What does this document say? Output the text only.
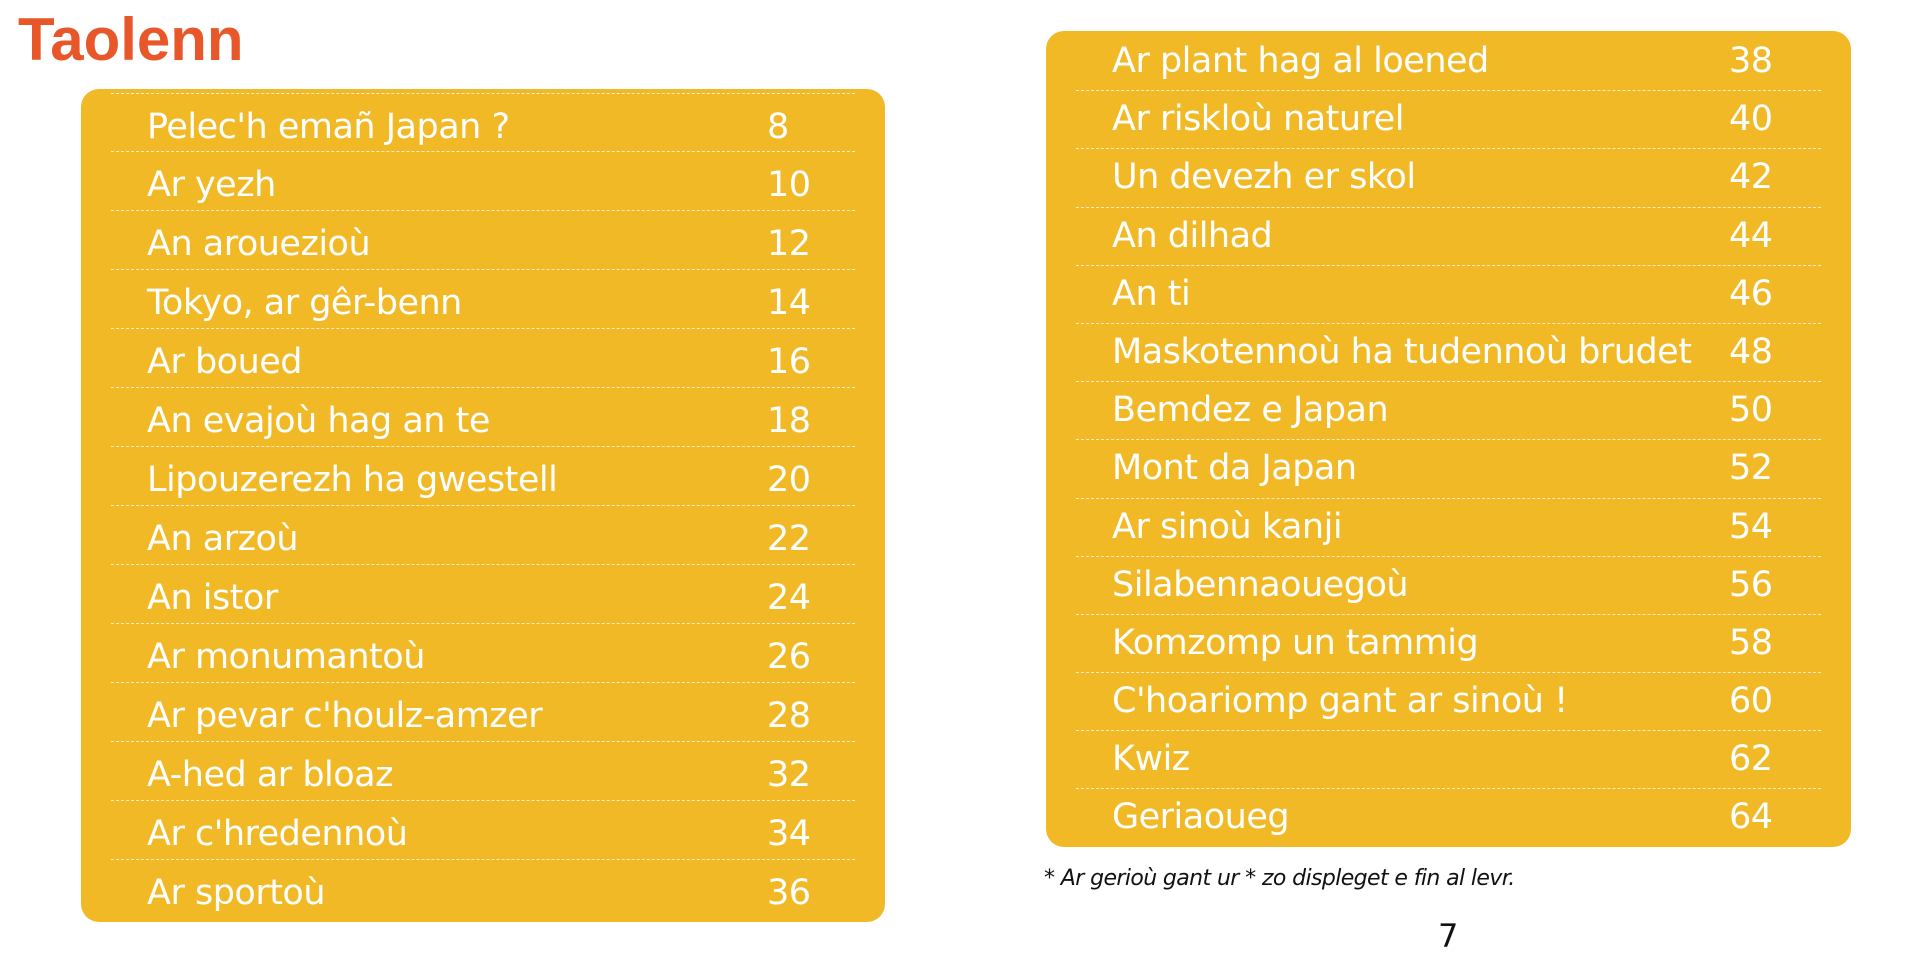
Taolenn
Pelec'h emañ Japan ?	8
Ar yezh	10
An arouezioù	12
Tokyo, ar gêr-benn	14
Ar boued	16
An evajoù hag an te	18
Lipouzerezh ha gwestell	20
An arzoù	22
An istor	24
Ar monumantoù	26
Ar pevar c'houlz-amzer	28
A-hed ar bloaz	32
Ar c'hredennoù	34
Ar sportoù	36
Ar plant hag al loened	38
Ar riskloù naturel	40
Un devezh er skol	42
An dilhad	44
An ti	46
Maskotennoù ha tudennoù brudet 48
Bemdez e Japan	50
Mont da Japan	52
Ar sinoù kanji	54
Silabennaouegoù	56
Komzomp un tammig	58
C'hoariomp gant ar sinoù !	60
Kwiz	62
Geriaoueg	64
* Ar gerioù gant ur * zo displeget e fin al levr.
7
